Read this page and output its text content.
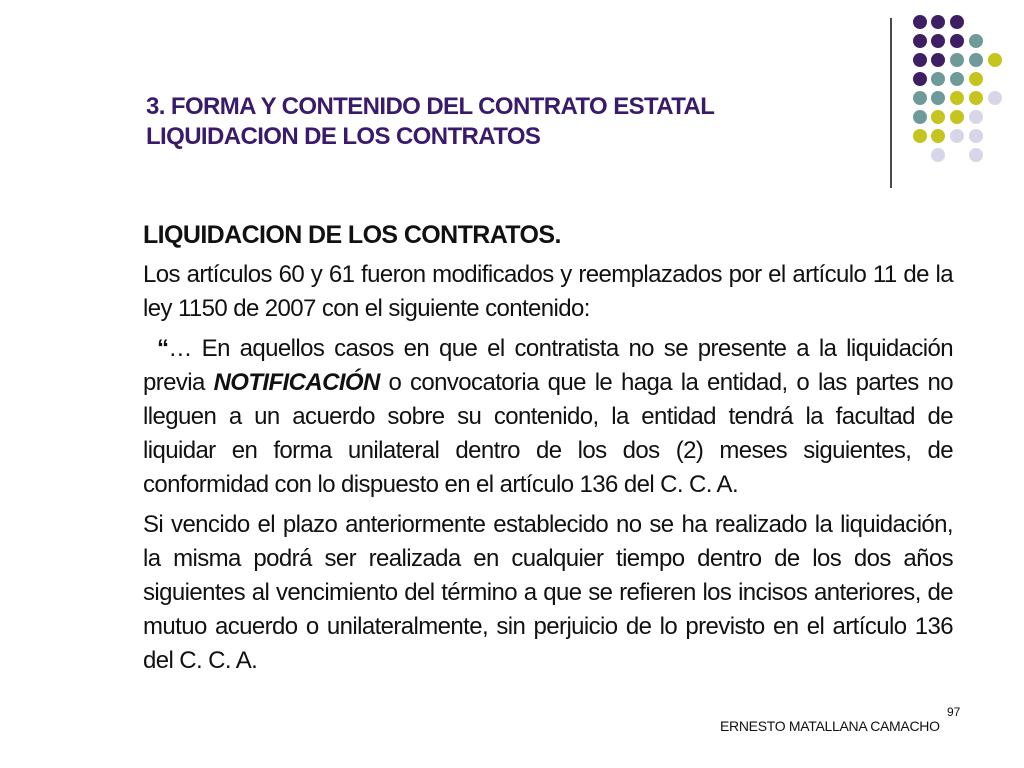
3. FORMA Y CONTENIDO DEL CONTRATO ESTATAL
LIQUIDACION DE LOS CONTRATOS
LIQUIDACION DE LOS CONTRATOS.

Los artículos 60 y 61 fueron modificados y reemplazados por el artículo 11 de la ley 1150 de 2007 con el siguiente contenido:

“… En aquellos casos en que el contratista no se presente a la liquidación previa NOTIFICACIÓN o convocatoria que le haga la entidad, o las partes no lleguen a un acuerdo sobre su contenido, la entidad tendrá la facultad de liquidar en forma unilateral dentro de los dos (2) meses siguientes, de conformidad con lo dispuesto en el artículo 136 del C. C. A.

Si vencido el plazo anteriormente establecido no se ha realizado la liquidación, la misma podrá ser realizada en cualquier tiempo dentro de los dos años siguientes al vencimiento del término a que se refieren los incisos anteriores, de mutuo acuerdo o unilateralmente, sin perjuicio de lo previsto en el artículo 136 del C. C. A.

ERNESTO MATALLANA CAMACHO
97
